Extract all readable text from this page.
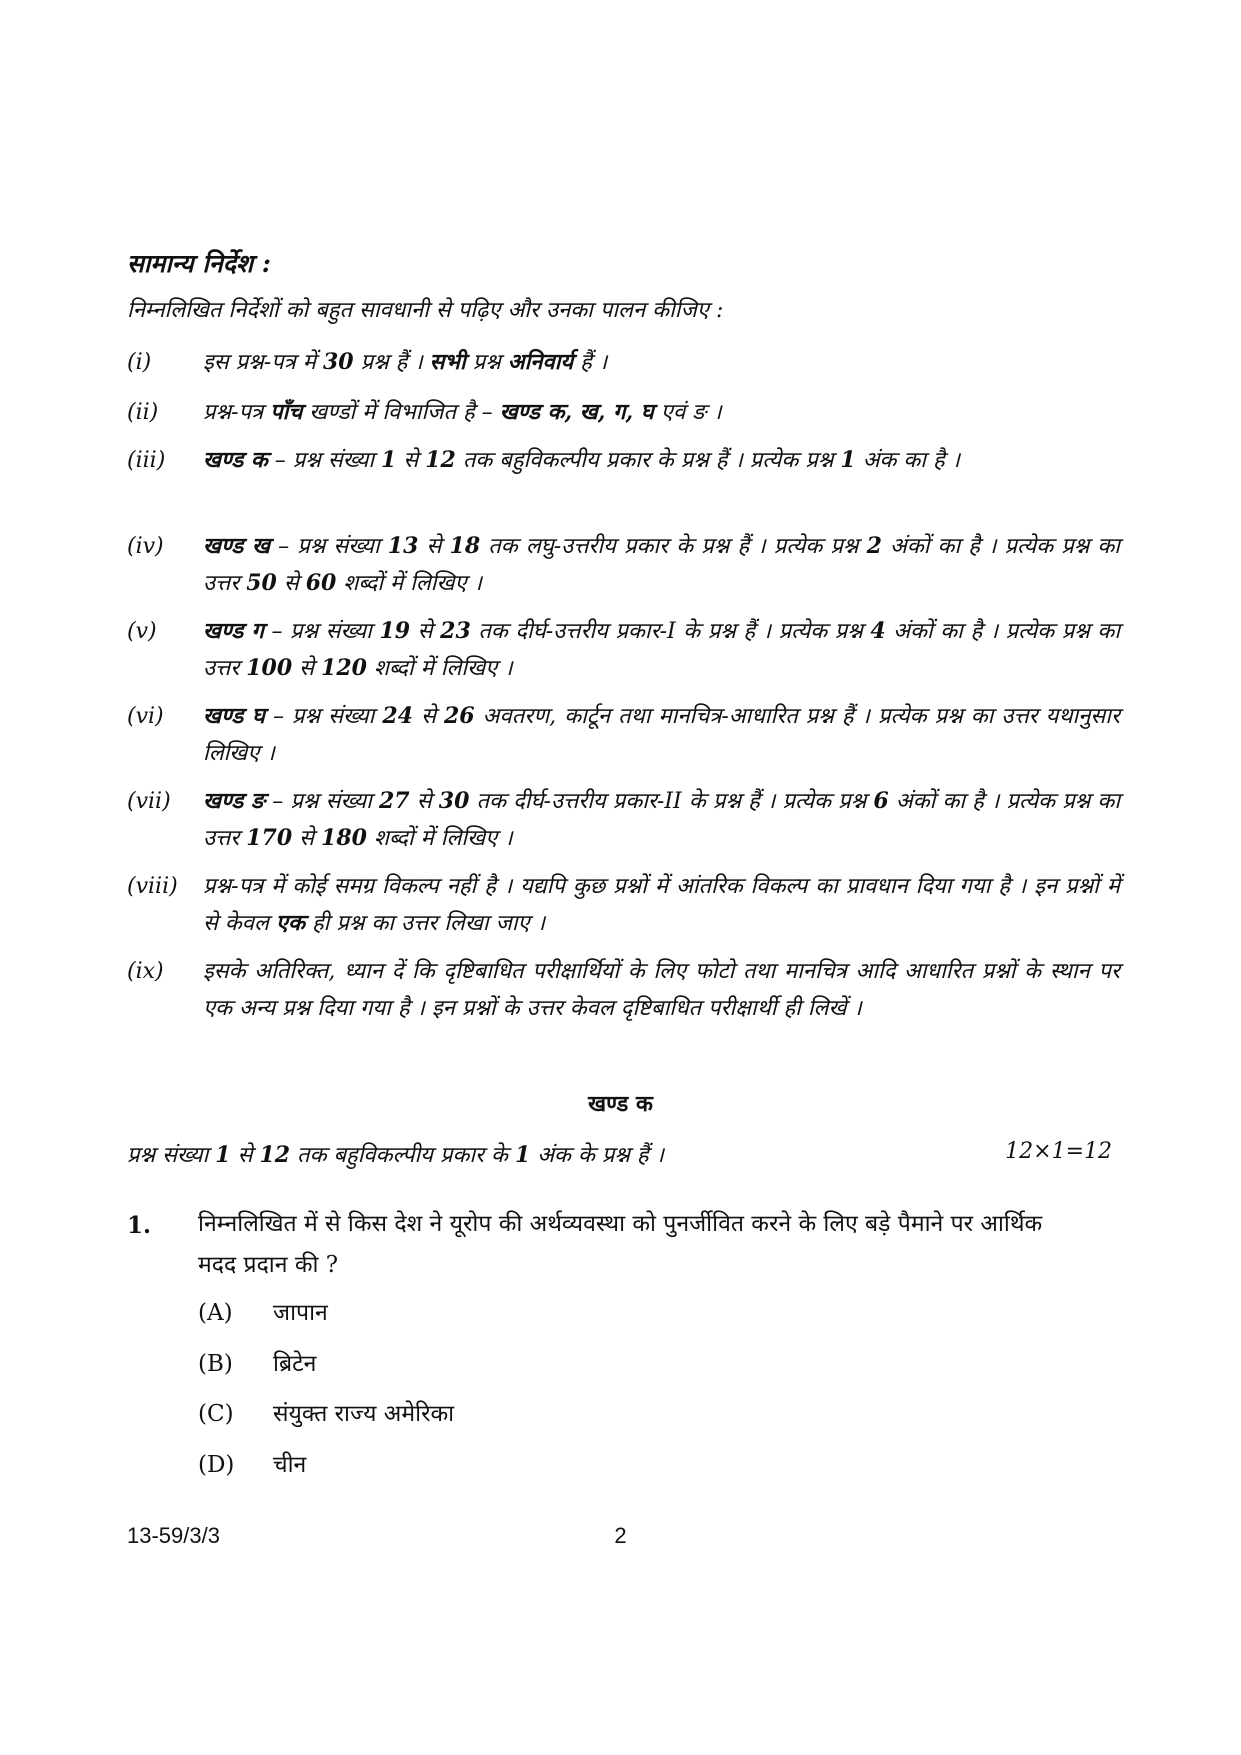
सामान्य निर्देश :
निम्नलिखित निर्देशों को बहुत सावधानी से पढ़िए और उनका पालन कीजिए :
(i)	इस प्रश्न-पत्र में 30 प्रश्न हैं । सभी प्रश्न अनिवार्य हैं ।
(ii)	प्रश्न-पत्र पाँच खण्डों में विभाजित है – खण्ड क, ख, ग, घ एवं ङ ।
(iii)	खण्ड क – प्रश्न संख्या 1 से 12 तक बहुविकल्पीय प्रकार के प्रश्न हैं । प्रत्येक प्रश्न 1 अंक का है ।
(iv)	खण्ड ख – प्रश्न संख्या 13 से 18 तक लघु-उत्तरीय प्रकार के प्रश्न हैं । प्रत्येक प्रश्न 2 अंकों का है । प्रत्येक प्रश्न का उत्तर 50 से 60 शब्दों में लिखिए ।
(v)	खण्ड ग – प्रश्न संख्या 19 से 23 तक दीर्घ-उत्तरीय प्रकार-I के प्रश्न हैं । प्रत्येक प्रश्न 4 अंकों का है । प्रत्येक प्रश्न का उत्तर 100 से 120 शब्दों में लिखिए ।
(vi)	खण्ड घ – प्रश्न संख्या 24 से 26 अवतरण, कार्टून तथा मानचित्र-आधारित प्रश्न हैं । प्रत्येक प्रश्न का उत्तर यथानुसार लिखिए ।
(vii)	खण्ड ङ – प्रश्न संख्या 27 से 30 तक दीर्घ-उत्तरीय प्रकार-II के प्रश्न हैं । प्रत्येक प्रश्न 6 अंकों का है । प्रत्येक प्रश्न का उत्तर 170 से 180 शब्दों में लिखिए ।
(viii)	प्रश्न-पत्र में कोई समग्र विकल्प नहीं है । यद्यपि कुछ प्रश्नों में आंतरिक विकल्प का प्रावधान दिया गया है । इन प्रश्नों में से केवल एक ही प्रश्न का उत्तर लिखा जाए ।
(ix)	इसके अतिरिक्त, ध्यान दें कि दृष्टिबाधित परीक्षार्थियों के लिए फोटो तथा मानचित्र आदि आधारित प्रश्नों के स्थान पर एक अन्य प्रश्न दिया गया है । इन प्रश्नों के उत्तर केवल दृष्टिबाधित परीक्षार्थी ही लिखें ।
खण्ड क
प्रश्न संख्या 1 से 12 तक बहुविकल्पीय प्रकार के 1 अंक के प्रश्न हैं ।	12×1=12
1. निम्नलिखित में से किस देश ने यूरोप की अर्थव्यवस्था को पुनर्जीवित करने के लिए बड़े पैमाने पर आर्थिक मदद प्रदान की ?
(A) जापान
(B) ब्रिटेन
(C) संयुक्त राज्य अमेरिका
(D) चीन
13-59/3/3	2
